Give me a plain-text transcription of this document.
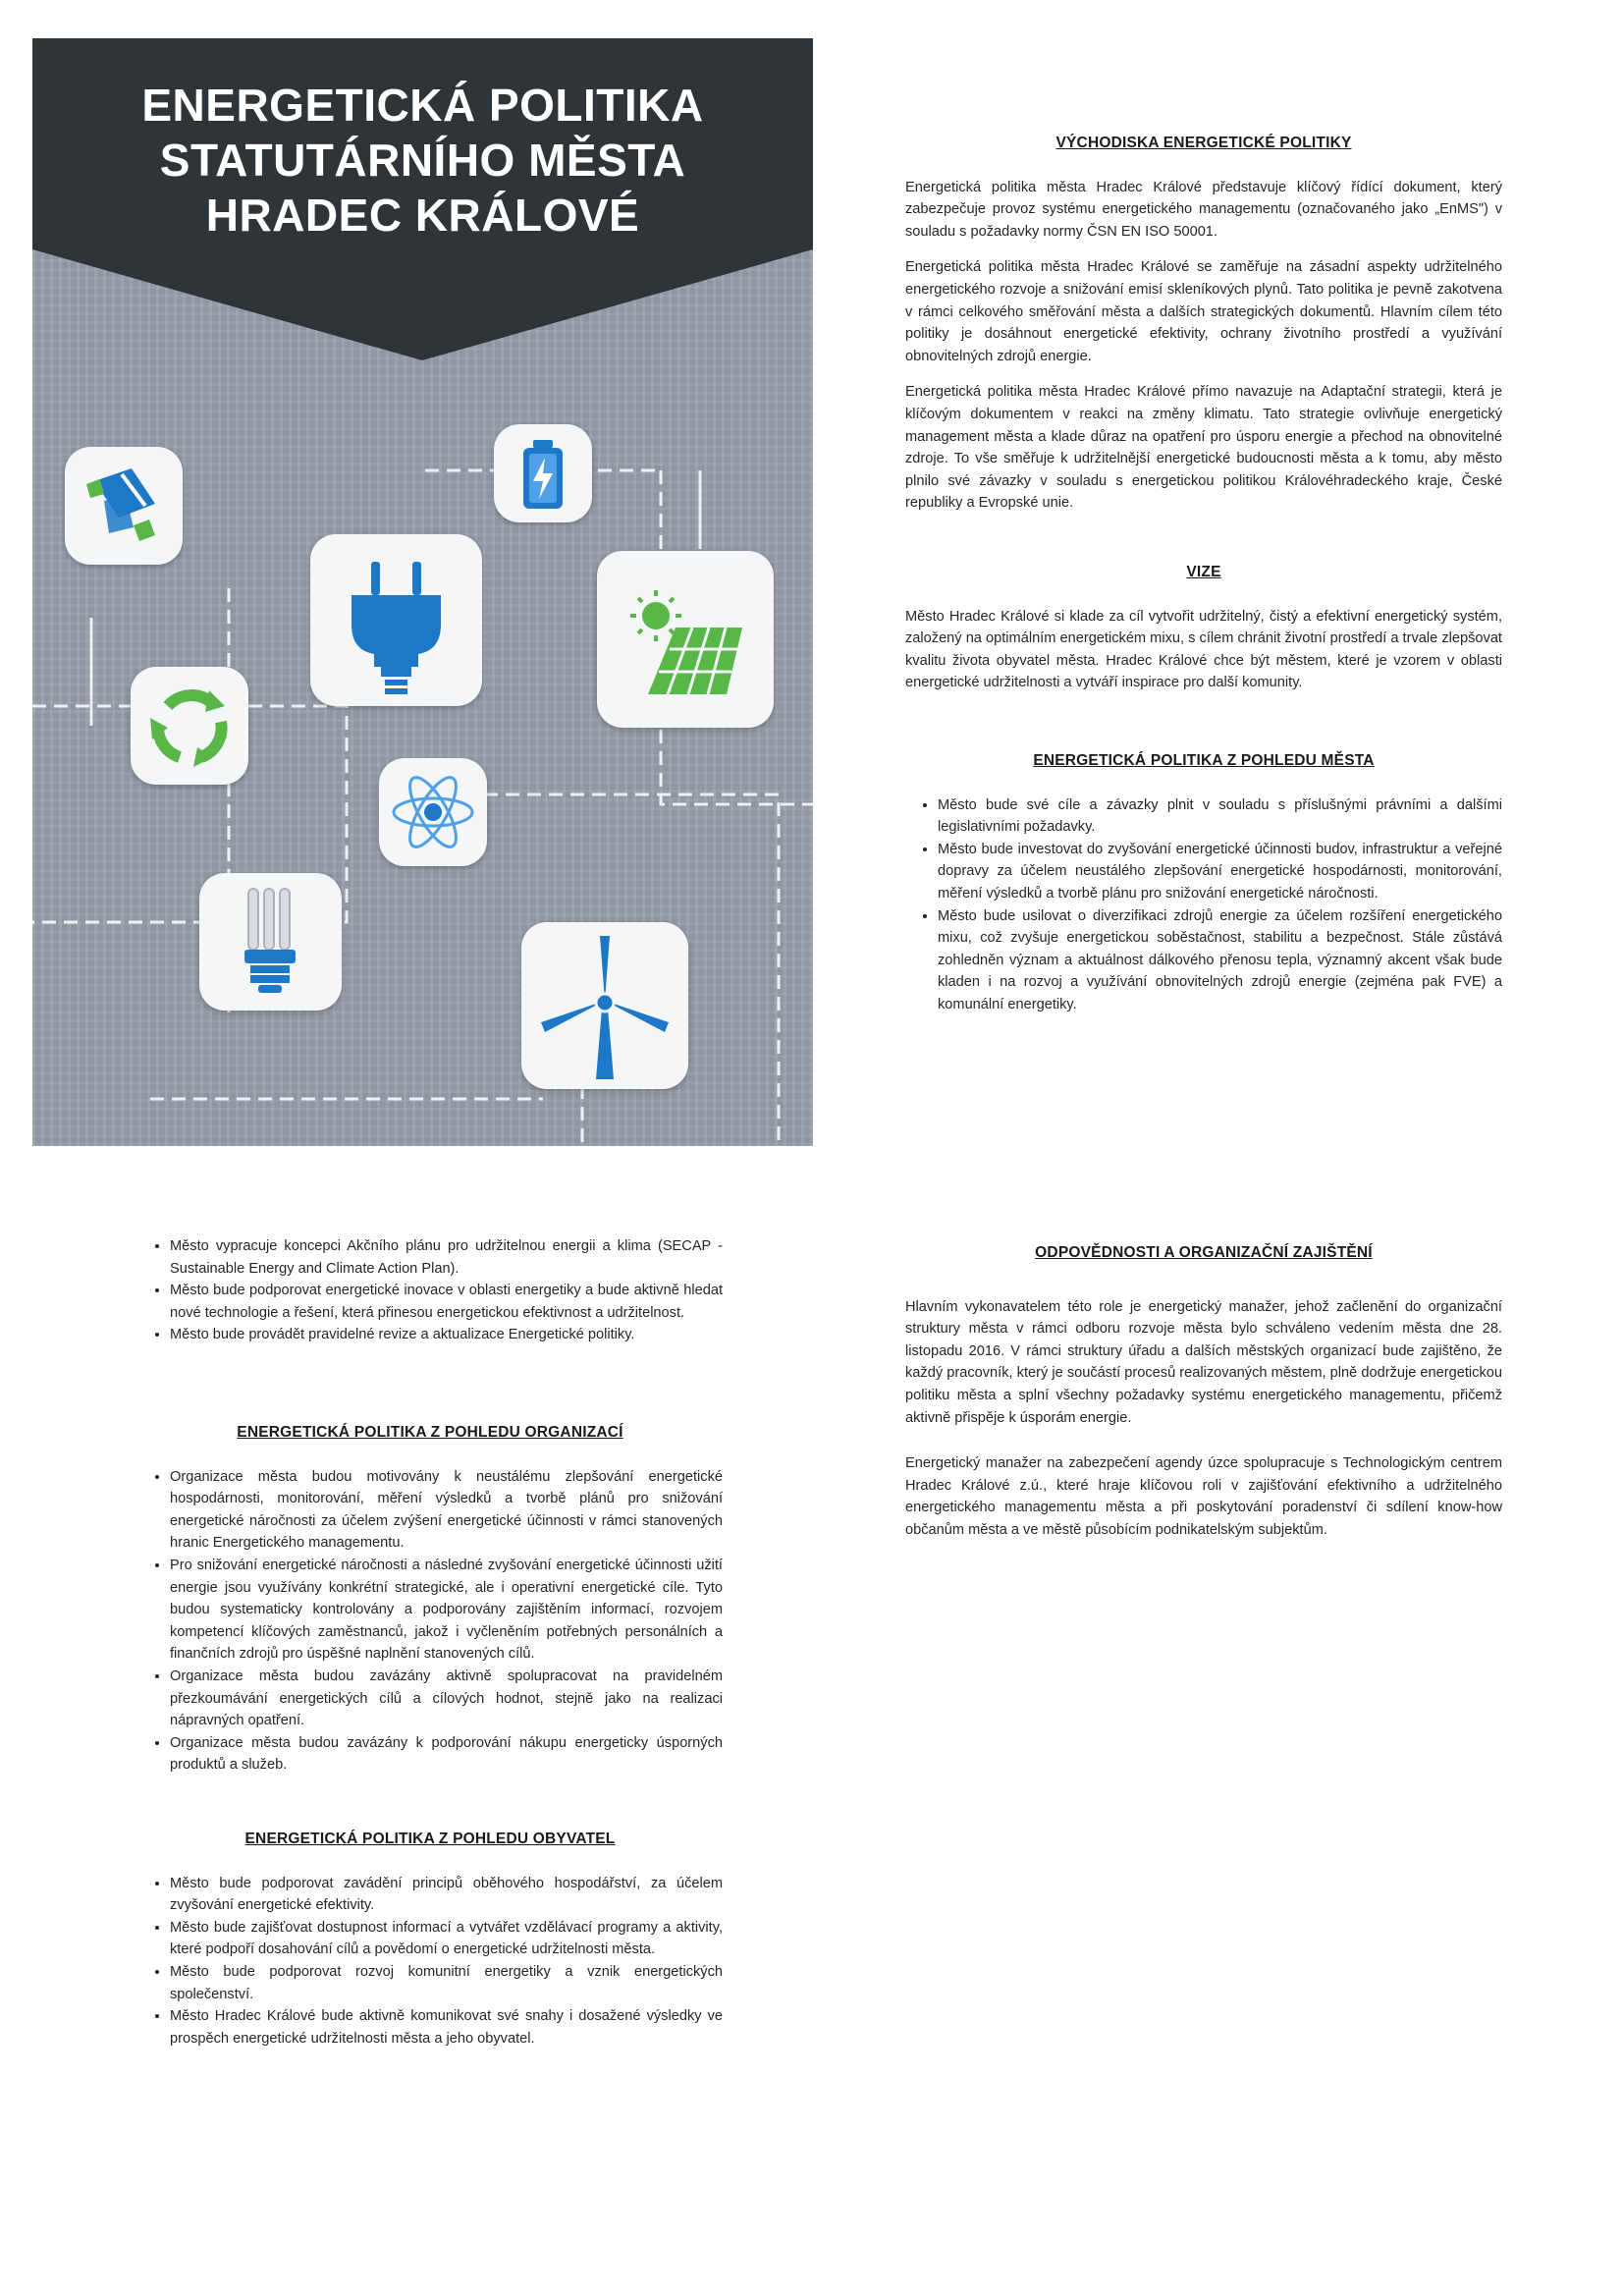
ENERGETICKÁ POLITIKA
STATUTÁRNÍHO MĚSTA
HRADEC KRÁLOVÉ
VÝCHODISKA ENERGETICKÉ POLITIKY

Energetická politika města Hradec Králové představuje klíčový řídící dokument, který zabezpečuje provoz systému energetického managementu (označovaného jako „EnMS") v souladu s požadavky normy ČSN EN ISO 50001.

Energetická politika města Hradec Králové se zaměřuje na zásadní aspekty udržitelného energetického rozvoje a snižování emisí skleníkových plynů. Tato politika je pevně zakotvena v rámci celkového směřování města a dalších strategických dokumentů. Hlavním cílem této politiky je dosáhnout energetické efektivity, ochrany životního prostředí a využívání obnovitelných zdrojů energie.

Energetická politika města Hradec Králové přímo navazuje na Adaptační strategii, která je klíčovým dokumentem v reakci na změny klimatu. Tato strategie ovlivňuje energetický management města a klade důraz na opatření pro úsporu energie a přechod na obnovitelné zdroje. To vše směřuje k udržitelnější energetické budoucnosti města a k tomu, aby město plnilo své závazky v souladu s energetickou politikou Královéhradeckého kraje, České republiky a Evropské unie.

VIZE

Město Hradec Králové si klade za cíl vytvořit udržitelný, čistý a efektivní energetický systém, založený na optimálním energetickém mixu, s cílem chránit životní prostředí a trvale zlepšovat kvalitu života obyvatel města. Hradec Králové chce být městem, které je vzorem v oblasti energetické udržitelnosti a vytváří inspirace pro další komunity.

ENERGETICKÁ POLITIKA Z POHLEDU MĚSTA
• Město bude své cíle a závazky plnit v souladu s příslušnými právními a dalšími legislativními požadavky.
• Město bude investovat do zvyšování energetické účinnosti budov, infrastruktur a veřejné dopravy za účelem neustálého zlepšování energetické hospodárnosti, monitorování, měření výsledků a tvorbě plánu pro snižování energetické náročnosti.
• Město bude usilovat o diverzifikaci zdrojů energie za účelem rozšíření energetického mixu, což zvyšuje energetickou soběstačnost, stabilitu a bezpečnost. Stále zůstává zohledněn význam a aktuálnost dálkového přenosu tepla, významný akcent však bude kladen i na rozvoj a využívání obnovitelných zdrojů energie (zejména pak FVE) a komunální energetiky.
• Město vypracuje koncepci Akčního plánu pro udržitelnou energii a klima (SECAP - Sustainable Energy and Climate Action Plan).
• Město bude podporovat energetické inovace v oblasti energetiky a bude aktivně hledat nové technologie a řešení, která přinesou energetickou efektivnost a udržitelnost.
• Město bude provádět pravidelné revize a aktualizace Energetické politiky.
ENERGETICKÁ POLITIKA Z POHLEDU ORGANIZACÍ
• Organizace města budou motivovány k neustálému zlepšování energetické hospodárnosti, monitorování, měření výsledků a tvorbě plánů pro snižování energetické náročnosti za účelem zvýšení energetické účinnosti v rámci stanovených hranic Energetického managementu.
• Pro snižování energetické náročnosti a následné zvyšování energetické účinnosti užití energie jsou využívány konkrétní strategické, ale i operativní energetické cíle. Tyto budou systematicky kontrolovány a podporovány zajištěním informací, rozvojem kompetencí klíčových zaměstnanců, jakož i vyčleněním potřebných personálních a finančních zdrojů pro úspěšné naplnění stanovených cílů.
• Organizace města budou zavázány aktivně spolupracovat na pravidelném přezkoumávání energetických cílů a cílových hodnot, stejně jako na realizaci nápravných opatření.
• Organizace města budou zavázány k podporování nákupu energeticky úsporných produktů a služeb.
ENERGETICKÁ POLITIKA Z POHLEDU OBYVATEL
• Město bude podporovat zavádění principů oběhového hospodářství, za účelem zvyšování energetické efektivity.
• Město bude zajišťovat dostupnost informací a vytvářet vzdělávací programy a aktivity, které podpoří dosahování cílů a povědomí o energetické udržitelnosti města.
• Město bude podporovat rozvoj komunitní energetiky a vznik energetických společenství.
• Město Hradec Králové bude aktivně komunikovat své snahy i dosažené výsledky ve prospěch energetické udržitelnosti města a jeho obyvatel.
ODPOVĚDNOSTI A ORGANIZAČNÍ ZAJIŠTĚNÍ

Hlavním vykonavatelem této role je energetický manažer, jehož začlenění do organizační struktury města v rámci odboru rozvoje města bylo schváleno vedením města dne 28. listopadu 2016. V rámci struktury úřadu a dalších městských organizací bude zajištěno, že každý pracovník, který je součástí procesů realizovaných městem, plně dodržuje energetickou politiku města a splní všechny požadavky systému energetického managementu, přičemž aktivně přispěje k úsporám energie.

Energetický manažer na zabezpečení agendy úzce spolupracuje s Technologickým centrem Hradec Králové z.ú., které hraje klíčovou roli v zajišťování efektivního a udržitelného energetického managementu města a při poskytování poradenství či sdílení know-how občanům města a ve městě působícím podnikatelským subjektům.
